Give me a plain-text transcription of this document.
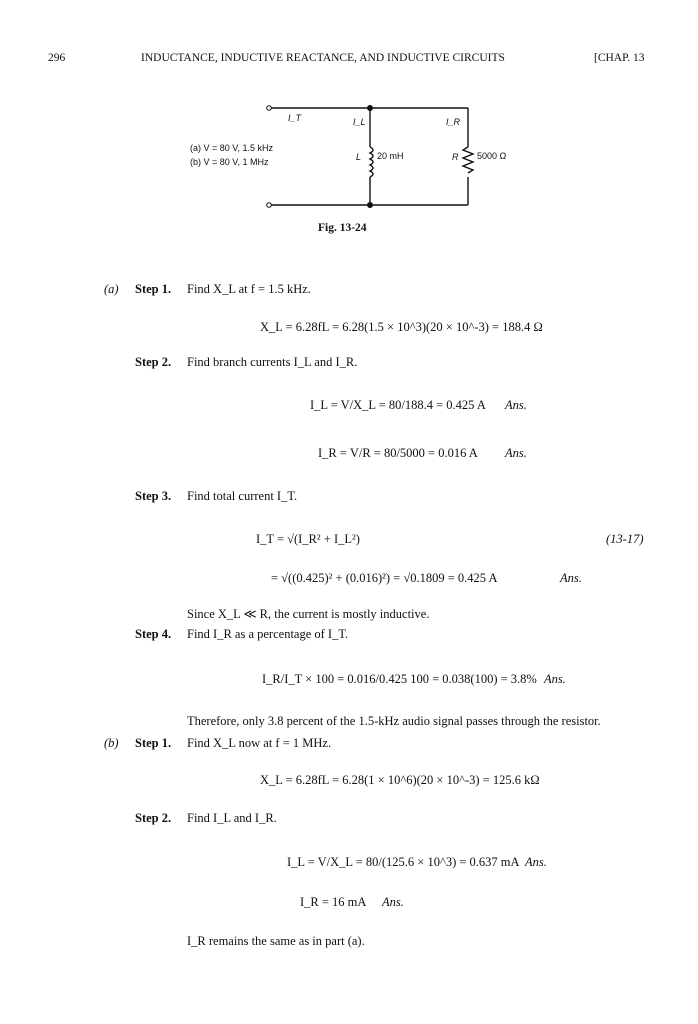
296	INDUCTANCE, INDUCTIVE REACTANCE, AND INDUCTIVE CIRCUITS	[CHAP. 13
I_T	I_L	I_R
(a) V = 80 V, 1.5 kHz
(b) V = 80 V, 1 MHz	L 20 mH	R 5000 Ω
Fig. 13-24
(a) Step 1. Find X_L at f = 1.5 kHz.
X_L = 6.28fL = 6.28(1.5 × 10^3)(20 × 10^-3) = 188.4 Ω
Step 2. Find branch currents I_L and I_R.
I_L = V/X_L = 80/188.4 = 0.425 A Ans.
I_R = V/R = 80/5000 = 0.016 A Ans.
Step 3. Find total current I_T.
I_T = √(I_R² + I_L²)	(13-17)
= √((0.425)² + (0.016)²) = √0.1809 = 0.425 A	Ans.
Since X_L ≪ R, the current is mostly inductive.
Step 4. Find I_R as a percentage of I_T.
I_R/I_T × 100 = 0.016/0.425 100 = 0.038(100) = 3.8% Ans.
Therefore, only 3.8 percent of the 1.5-kHz audio signal passes through the resistor.
(b) Step 1. Find X_L now at f = 1 MHz.
X_L = 6.28fL = 6.28(1 × 10^6)(20 × 10^-3) = 125.6 kΩ
Step 2. Find I_L and I_R.
I_L = V/X_L = 80/(125.6 × 10^3) = 0.637 mA Ans.
I_R = 16 mA Ans.
I_R remains the same as in part (a).
